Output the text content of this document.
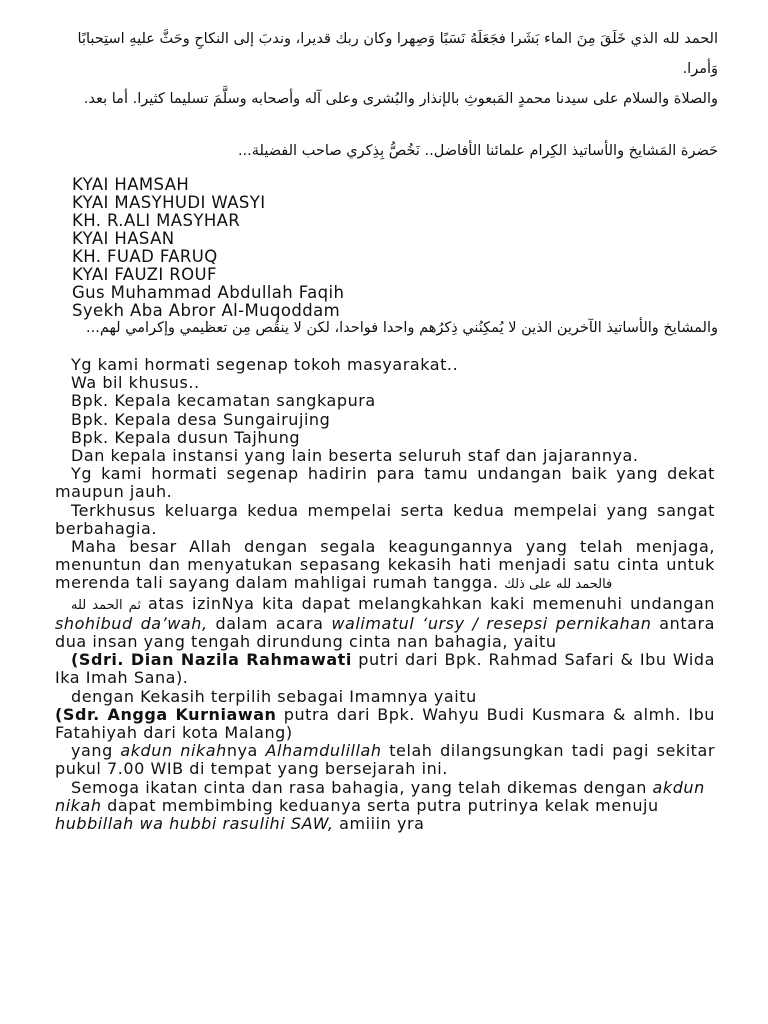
الحمد لله الذي خَلَقَ مِنَ الماء بَشَرا فجَعَلَهُ نَسَبًا وَصِهرا وكان ربك قديرا، وندبَ إلى النكاحِ وحَثَّ عليهِ استِحبابًا وَأمرا.

والصلاة والسلام على سيدنا محمدٍ المَبعوثِ بالإنذار والبُشرى وعلى آله وأصحابه وسلَّمَ تسليما كثيرا. أما بعد.

حَضرة المَشايخ والأساتيذ الكِرام علمائنا الأفاضل.. نَخُصُّ بِذِكري صاحب الفضيلة...

KYAI HAMSAH
KYAI MASYHUDI WASYI
KH. R.ALI MASYHAR
KYAI HASAN
KH. FUAD FARUQ
KYAI FAUZI ROUF
Gus Muhammad Abdullah Faqih
Syekh Aba Abror Al-Muqoddam

والمشايخ والأساتيذ الآخرين الذين لا يُمكِنُني ذِكرُهم واحدا فواحدا، لكن لا ينقُص مِن تعظيمي وإكرامي لهم...

Yg kami hormati segenap tokoh masyarakat..

Wa bil khusus..

Bpk. Kepala kecamatan sangkapura

Bpk. Kepala desa Sungairujing

Bpk. Kepala dusun Tajhung

Dan kepala instansi yang lain beserta seluruh staf dan jajarannya.

Yg kami hormati segenap hadirin para tamu undangan baik yang dekat maupun jauh.

Terkhusus keluarga kedua mempelai serta kedua mempelai yang sangat berbahagia.

Maha besar Allah dengan segala keagungannya yang telah menjaga, menuntun dan menyatukan sepasang kekasih hati menjadi satu cinta untuk merenda tali sayang dalam mahligai rumah tangga. فالحمد لله على ذلك

ثم الحمد لله atas izinNya kita dapat melangkahkan kaki memenuhi undangan shohibud da’wah, dalam acara walimatul ‘ursy / resepsi pernikahan antara dua insan yang tengah dirundung cinta nan bahagia, yaitu

(Sdri. Dian Nazila Rahmawati putri dari Bpk. Rahmad Safari & Ibu Wida Ika Imah Sana).

dengan Kekasih terpilih sebagai Imamnya yaitu

(Sdr. Angga Kurniawan putra dari Bpk. Wahyu Budi Kusmara & almh. Ibu Fatahiyah dari kota Malang)

yang akdun nikahnya Alhamdulillah telah dilangsungkan tadi pagi sekitar pukul 7.00 WIB di tempat yang bersejarah ini.

Semoga ikatan cinta dan rasa bahagia, yang telah dikemas dengan akdun nikah dapat membimbing keduanya serta putra putrinya kelak menuju
hubbillah wa hubbi rasulihi SAW, amiiin yra
